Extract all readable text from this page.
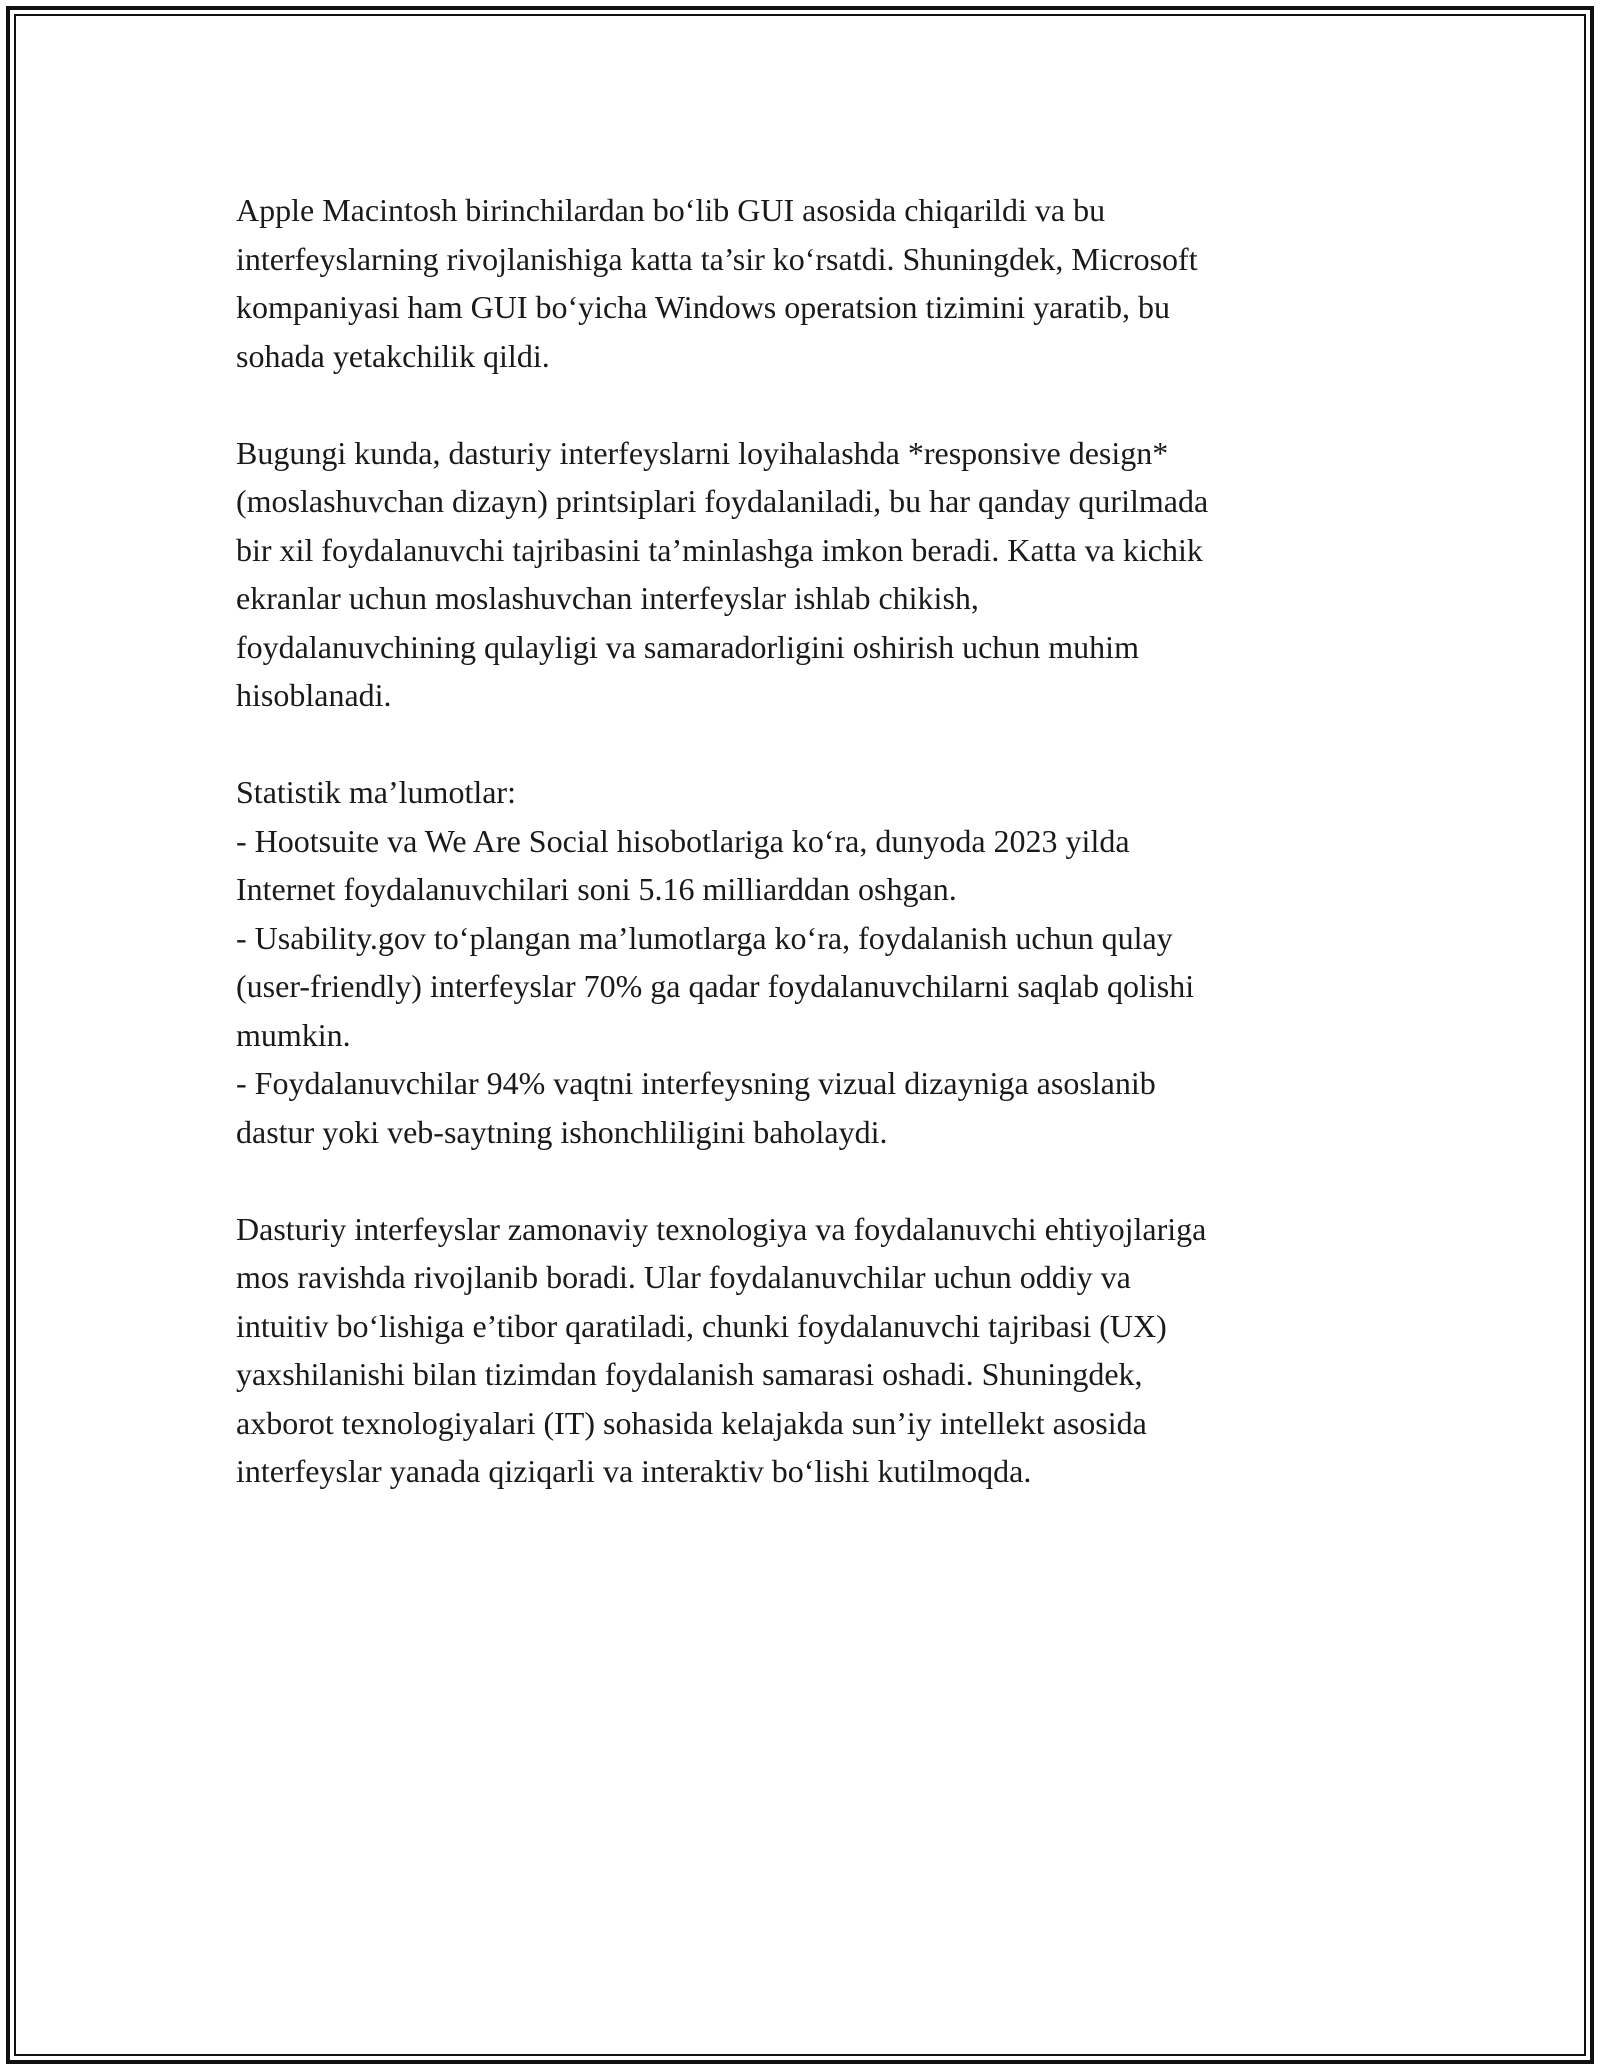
Apple Macintosh birinchilardan bo‘lib GUI asosida chiqarildi va bu
interfeyslarning rivojlanishiga katta ta’sir ko‘rsatdi. Shuningdek, Microsoft
kompaniyasi ham GUI bo‘yicha Windows operatsion tizimini yaratib, bu
sohada yetakchilik qildi.

Bugungi kunda, dasturiy interfeyslarni loyihalashda *responsive design*
(moslashuvchan dizayn) printsiplari foydalaniladi, bu har qanday qurilmada
bir xil foydalanuvchi tajribasini ta’minlashga imkon beradi. Katta va kichik
ekranlar uchun moslashuvchan interfeyslar ishlab chikish,
foydalanuvchining qulayligi va samaradorligini oshirish uchun muhim
hisoblanadi.

Statistik ma’lumotlar:

- Hootsuite va We Are Social hisobotlariga ko‘ra, dunyoda 2023 yilda
Internet foydalanuvchilari soni 5.16 milliarddan oshgan.

- Usability.gov to‘plangan ma’lumotlarga ko‘ra, foydalanish uchun qulay
(user-friendly) interfeyslar 70% ga qadar foydalanuvchilarni saqlab qolishi
mumkin.

- Foydalanuvchilar 94% vaqtni interfeysning vizual dizayniga asoslanib
dastur yoki veb-saytning ishonchliligini baholaydi.

Dasturiy interfeyslar zamonaviy texnologiya va foydalanuvchi ehtiyojlariga
mos ravishda rivojlanib boradi. Ular foydalanuvchilar uchun oddiy va
intuitiv bo‘lishiga e’tibor qaratiladi, chunki foydalanuvchi tajribasi (UX)
yaxshilanishi bilan tizimdan foydalanish samarasi oshadi. Shuningdek,
axborot texnologiyalari (IT) sohasida kelajakda sun’iy intellekt asosida
interfeyslar yanada qiziqarli va interaktiv bo‘lishi kutilmoqda.
